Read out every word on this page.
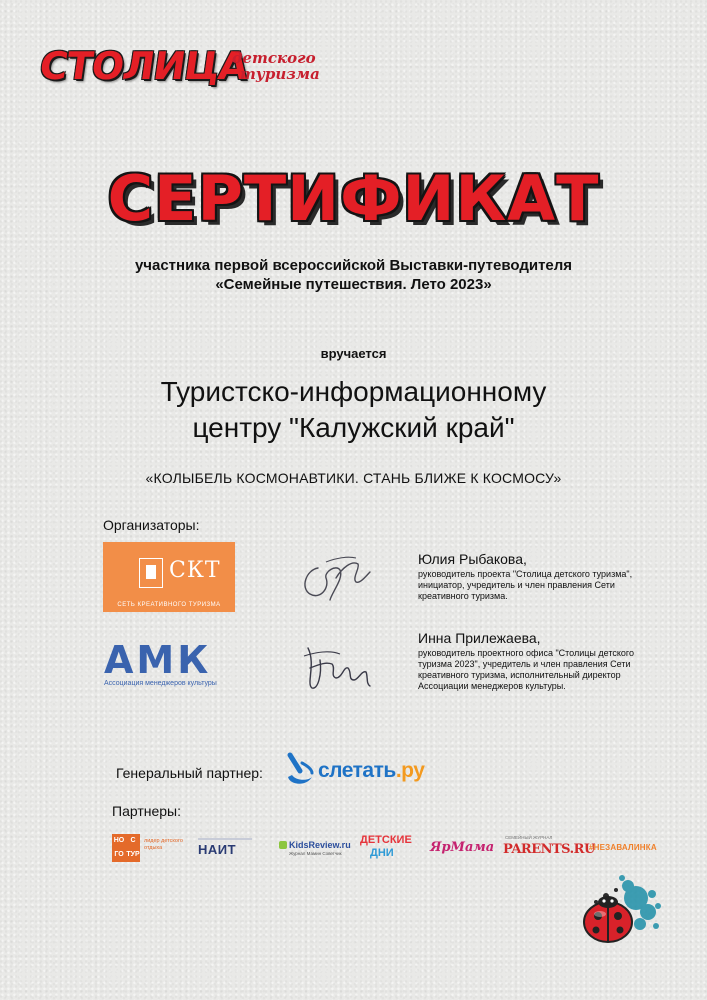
СТОЛИЦА
детского
туризма
СЕРТИФИКАТ
участника первой всероссийской Выставки-путеводителя
«Семейные путешествия. Лето 2023»
вручается
Туристско-информационному
центру "Калужский край"
«КОЛЫБЕЛЬ КОСМОНАВТИКИ. СТАНЬ БЛИЖЕ К КОСМОСУ»
Организаторы:
СКТ
СЕТЬ КРЕАТИВНОГО ТУРИЗМА
АМК
Ассоциация менеджеров культуры
Юлия Рыбакова,
руководитель проекта "Столица детского туризма", инициатор, учредитель и член правления Сети креативного туризма.
Инна Прилежаева,
руководитель проектного офиса "Столицы детского туризма 2023", учредитель и член правления Сети креативного туризма, исполнительный директор Ассоциации менеджеров культуры.
Генеральный партнер:	слетать.ру
Партнеры:
НО С
ГО ТУР
лидер детского отдыха	НАИТ	KidsReview.ru
Журнал Мамин Советчик
ДЕТСКИЕ
ДНИ	ЯрМама
СЕМЕЙНЫЙ ЖУРНАЛ
PARENTS.RU
#НЕЗАВАЛИНКА
